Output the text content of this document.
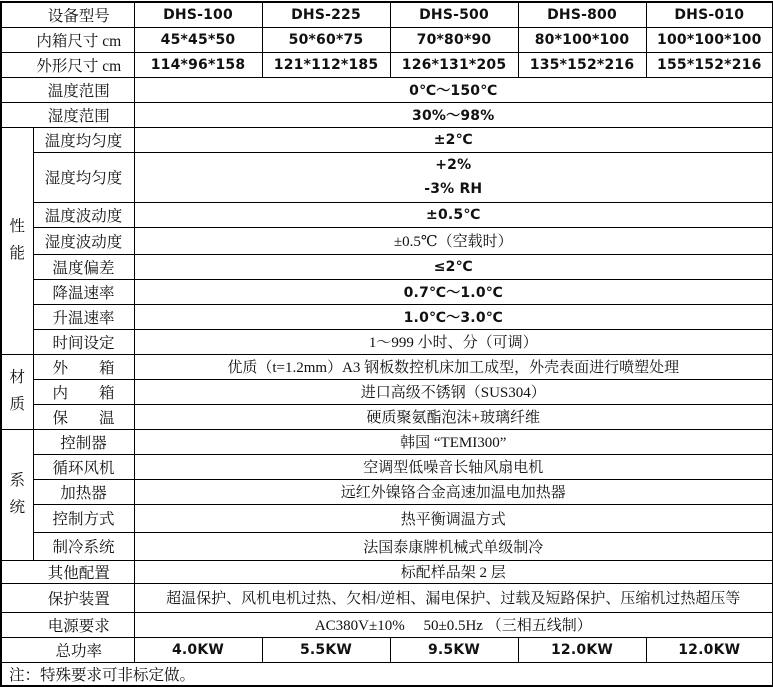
设备型号		DHS-100	DHS-225	DHS-500	DHS-800	DHS-010
内箱尺寸 cm		45*45*50	50*60*75	70*80*90	80*100*100	100*100*100
外形尺寸 cm		114*96*158	121*112*185	126*131*205	135*152*216	155*152*216
温度范围		0℃～150℃				
湿度范围		30%～98%				

性能	温度均匀度	±2℃				
	湿度均匀度	+2%
-3% RH				

	温度波动度	±0.5℃				
	湿度波动度	±0.5℃（空载时）				
	温度偏差	≤2℃				
	降温速率	0.7℃～1.0℃				
	升温速率	1.0℃～3.0℃				
	时间设定	1～999 小时、分（可调）				

材质	外　　箱	优质（t=1.2mm）A3 钢板数控机床加工成型，外壳表面进行喷塑处理				
	内　　箱	进口高级不锈钢（SUS304）				
	保　　温	硬质聚氨酯泡沫+玻璃纤维				

系统	控制器	韩国 “TEMI300”				
	循环风机	空调型低噪音长轴风扇电机				
	加热器	远红外镍铬合金高速加温电加热器				
	控制方式	热平衡调温方式				
	制冷系统	法国泰康牌机械式单级制冷				
其他配置		标配样品架 2 层				
保护装置		超温保护、风机电机过热、欠相/逆相、漏电保护、过载及短路保护、压缩机过热超压等				
电源要求		AC380V±10%　 50±0.5Hz （三相五线制）				
总功率		4.0KW	5.5KW	9.5KW	12.0KW	12.0KW
注：特殊要求可非标定做。						
